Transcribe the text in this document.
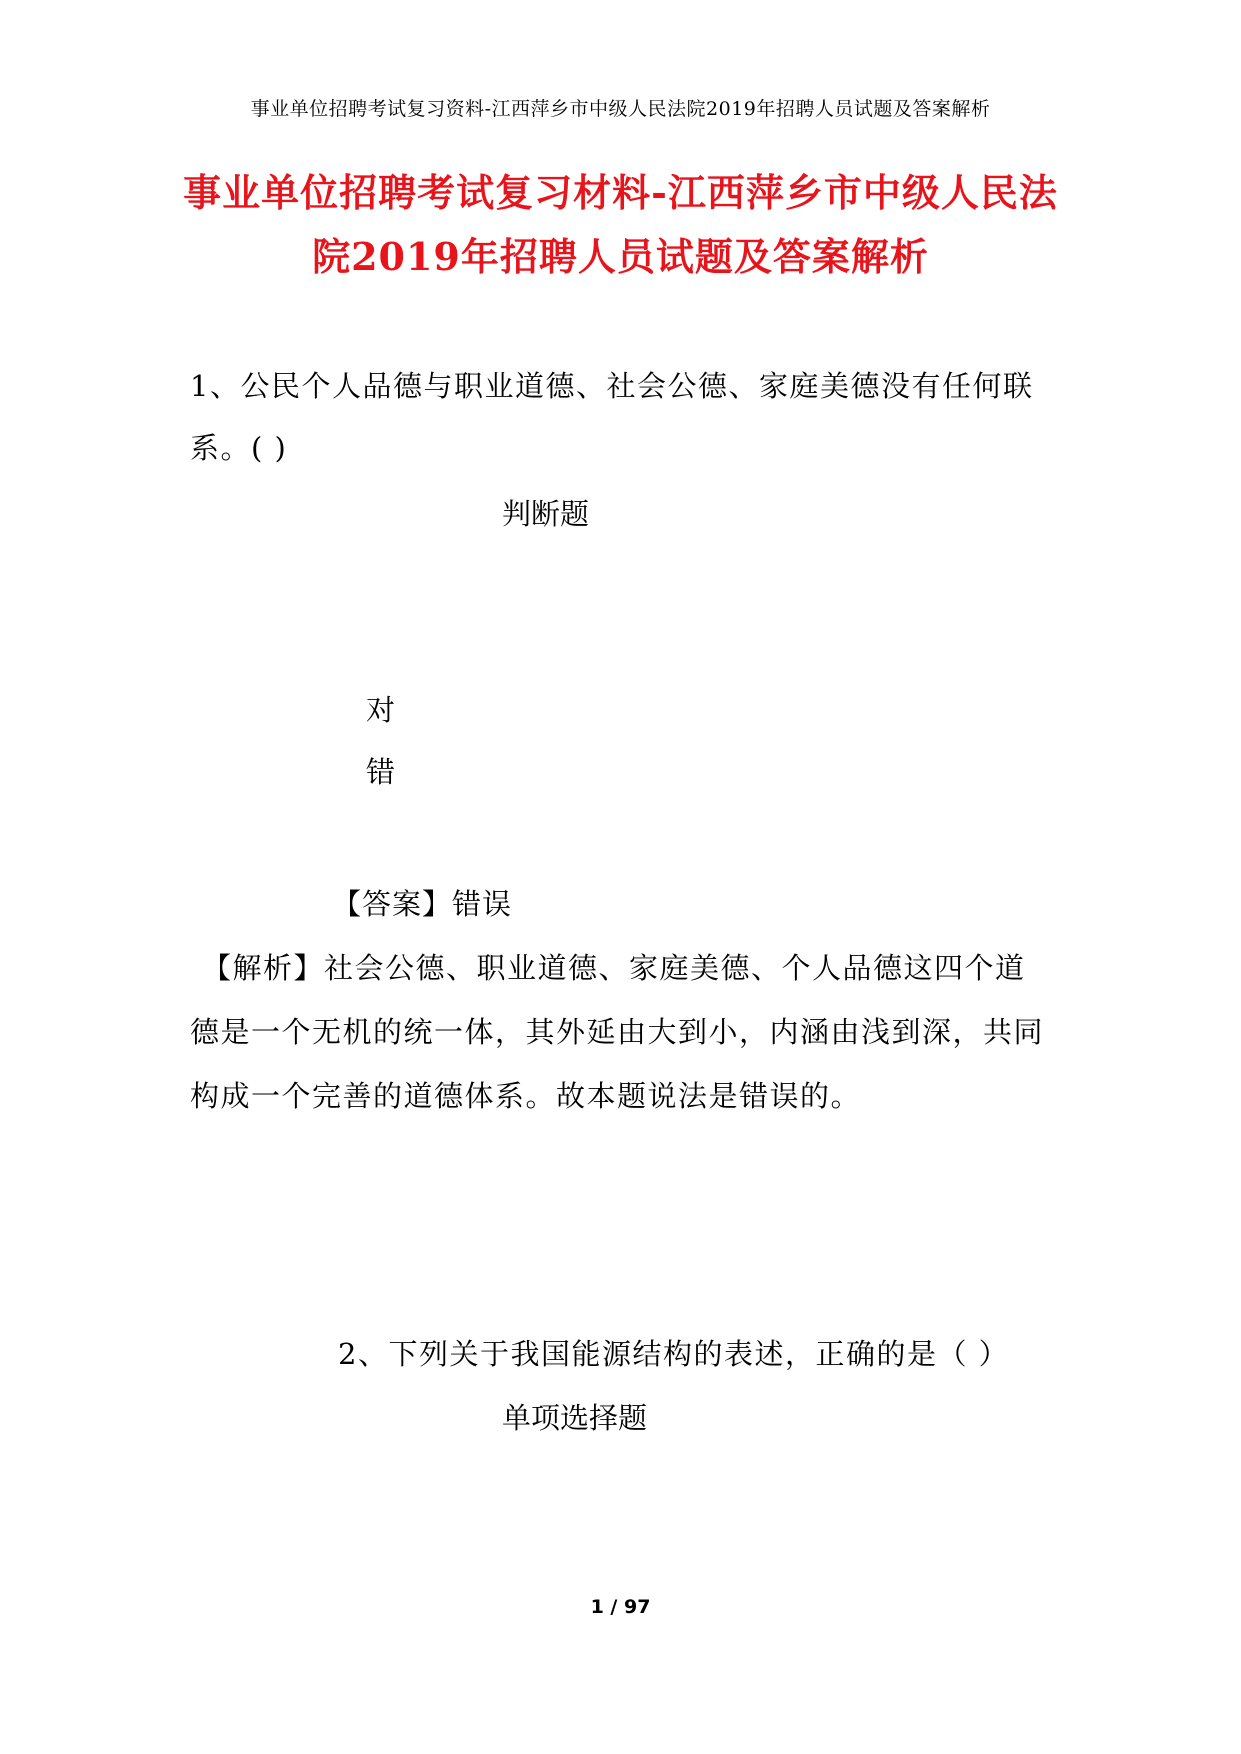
事业单位招聘考试复习资料-江西萍乡市中级人民法院2019年招聘人员试题及答案解析
事业单位招聘考试复习材料-江西萍乡市中级人民法
院2019年招聘人员试题及答案解析
1、公民个人品德与职业道德、社会公德、家庭美德没有任何联
系。( )
判断题
对
错
【答案】错误
【解析】社会公德、职业道德、家庭美德、个人品德这四个道
德是一个无机的统一体，其外延由大到小，内涵由浅到深，共同
构成一个完善的道德体系。故本题说法是错误的。
2、下列关于我国能源结构的表述，正确的是（ ）
单项选择题
1 / 97
